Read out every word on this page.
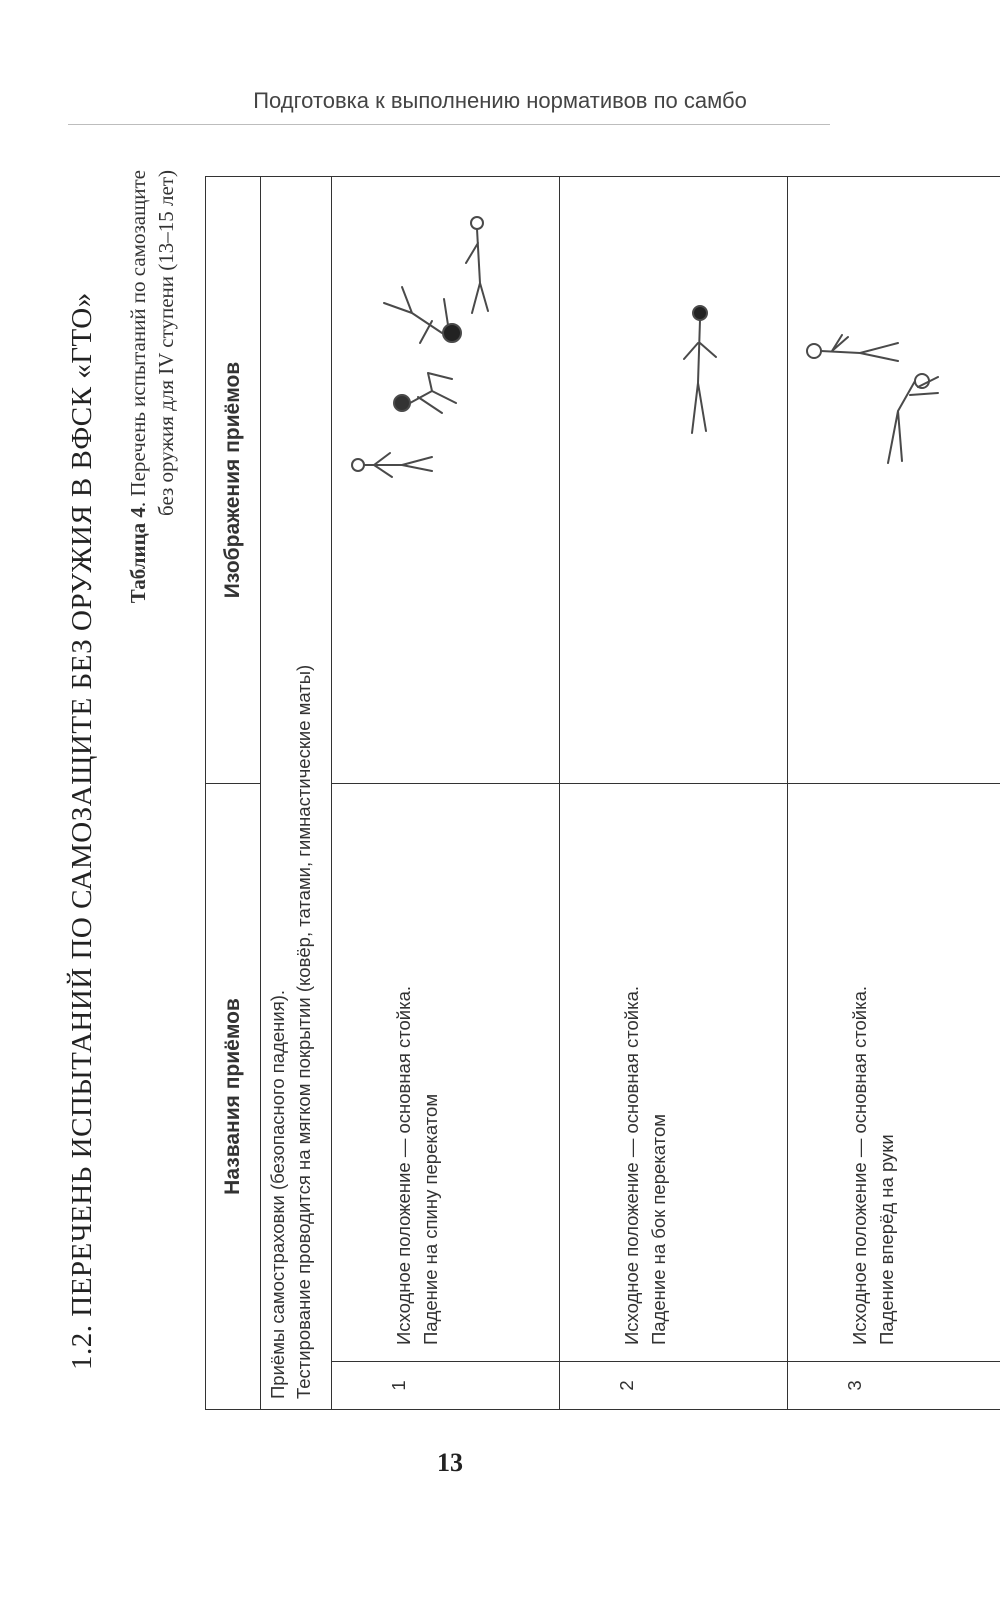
Подготовка к выполнению нормативов по самбо
1.2. ПЕРЕЧЕНЬ ИСПЫТАНИЙ ПО САМОЗАЩИТЕ БЕЗ ОРУЖИЯ В ВФСК «ГТО» Таблица 4. Перечень испытаний по самозащите без оружия для IV ступени (13–15 лет)
Названия приёмов		Изображения приёмов

Приёмы самостраховки (безопасного падения). Тестирование проводится на мягком покрытии (ковёр, татами, гимнастические маты)		

1	Исходное положение — основная стойка. Падение на спину перекатом

2	Исходное положение — основная стойка. Падение на бок перекатом

3	Исходное положение — основная стойка. Падение вперёд на руки

13
